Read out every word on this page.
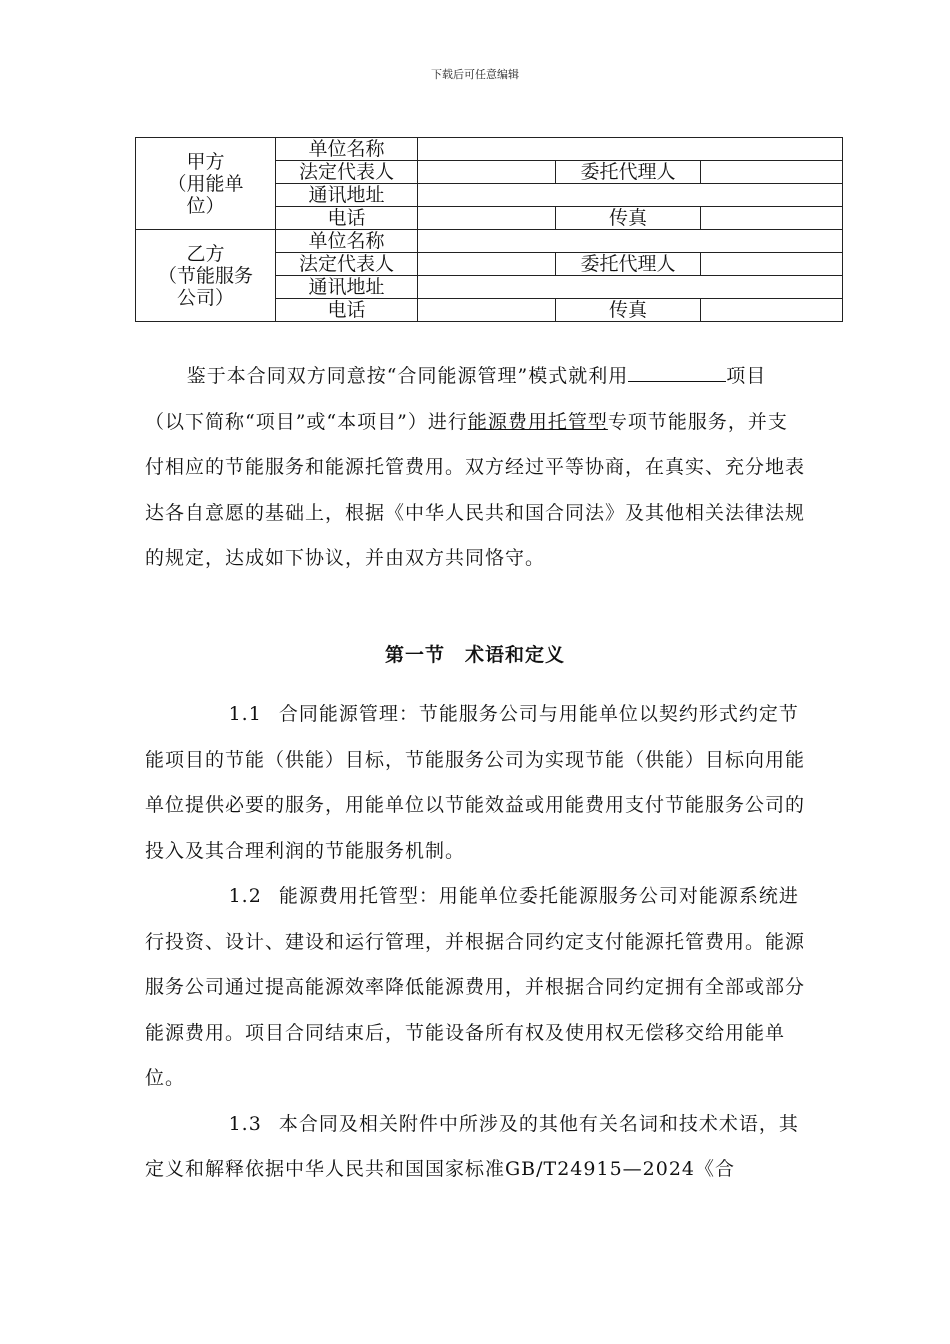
下载后可任意编辑
甲方
（用能单
位）	单位名称			
	法定代表人		委托代理人	
	通讯地址			
	电话		传真	

乙方
（节能服务
公司）	单位名称			
	法定代表人		委托代理人	
	通讯地址			
	电话		传真	

鉴于本合同双方同意按“合同能源管理”模式就利用	项目（以下简称“项目”或“本项目”）进行能源费用托管型专项节能服务，并支付相应的节能服务和能源托管费用。双方经过平等协商，在真实、充分地表达各自意愿的基础上，根据《中华人民共和国合同法》及其他相关法律法规的规定，达成如下协议，并由双方共同恪守。

第一节　术语和定义

1.1 合同能源管理：节能服务公司与用能单位以契约形式约定节能项目的节能（供能）目标，节能服务公司为实现节能（供能）目标向用能单位提供必要的服务，用能单位以节能效益或用能费用支付节能服务公司的投入及其合理利润的节能服务机制。

1.2 能源费用托管型：用能单位委托能源服务公司对能源系统进行投资、设计、建设和运行管理，并根据合同约定支付能源托管费用。能源服务公司通过提高能源效率降低能源费用，并根据合同约定拥有全部或部分能源费用。项目合同结束后，节能设备所有权及使用权无偿移交给用能单位。

1.3 本合同及相关附件中所涉及的其他有关名词和技术术语，其定义和解释依据中华人民共和国国家标准GB/T24915—2024《合
